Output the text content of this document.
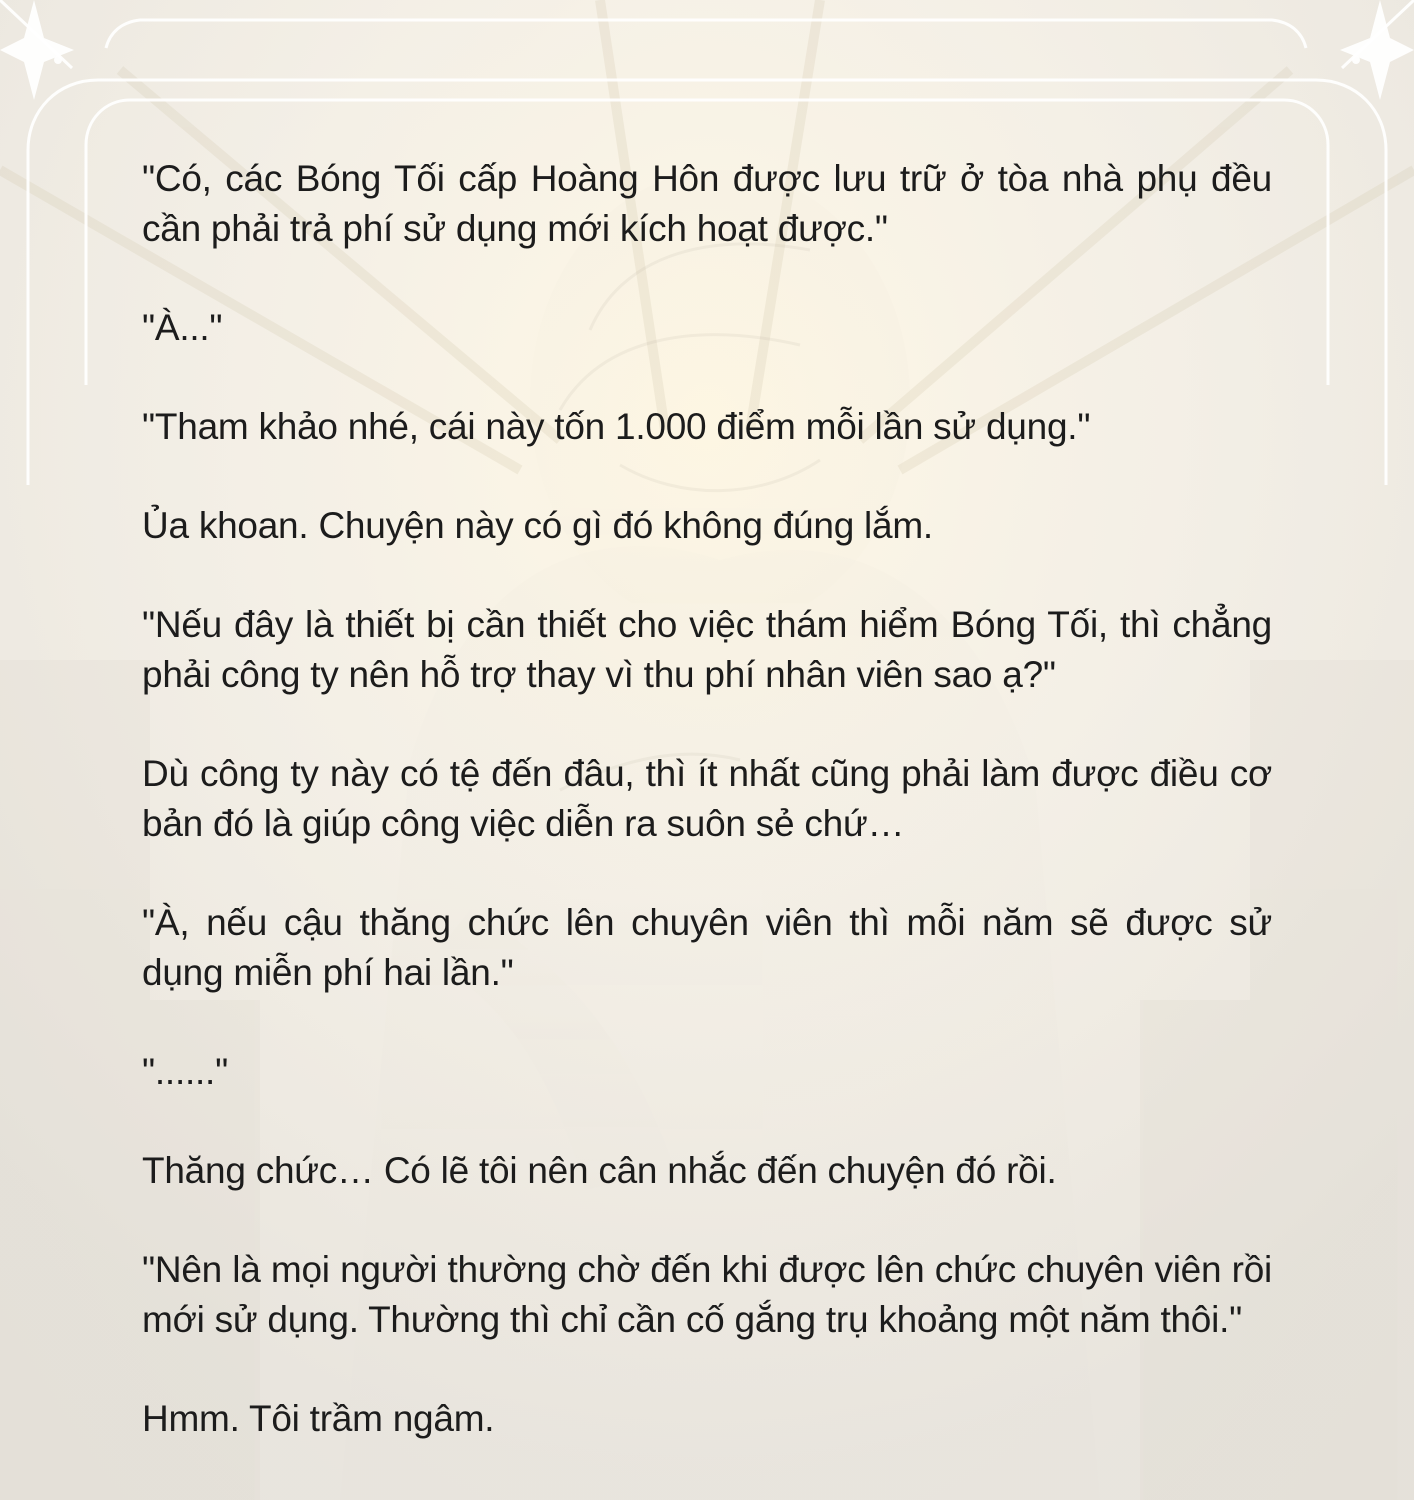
"Có, các Bóng Tối cấp Hoàng Hôn được lưu trữ ở tòa nhà phụ đều cần phải trả phí sử dụng mới kích hoạt được."

"À..."

"Tham khảo nhé, cái này tốn 1.000 điểm mỗi lần sử dụng."

Ủa khoan. Chuyện này có gì đó không đúng lắm.

"Nếu đây là thiết bị cần thiết cho việc thám hiểm Bóng Tối, thì chẳng phải công ty nên hỗ trợ thay vì thu phí nhân viên sao ạ?"

Dù công ty này có tệ đến đâu, thì ít nhất cũng phải làm được điều cơ bản đó là giúp công việc diễn ra suôn sẻ chứ…

"À, nếu cậu thăng chức lên chuyên viên thì mỗi năm sẽ được sử dụng miễn phí hai lần."

"......"

Thăng chức… Có lẽ tôi nên cân nhắc đến chuyện đó rồi.

"Nên là mọi người thường chờ đến khi được lên chức chuyên viên rồi mới sử dụng. Thường thì chỉ cần cố gắng trụ khoảng một năm thôi."

Hmm. Tôi trầm ngâm.
